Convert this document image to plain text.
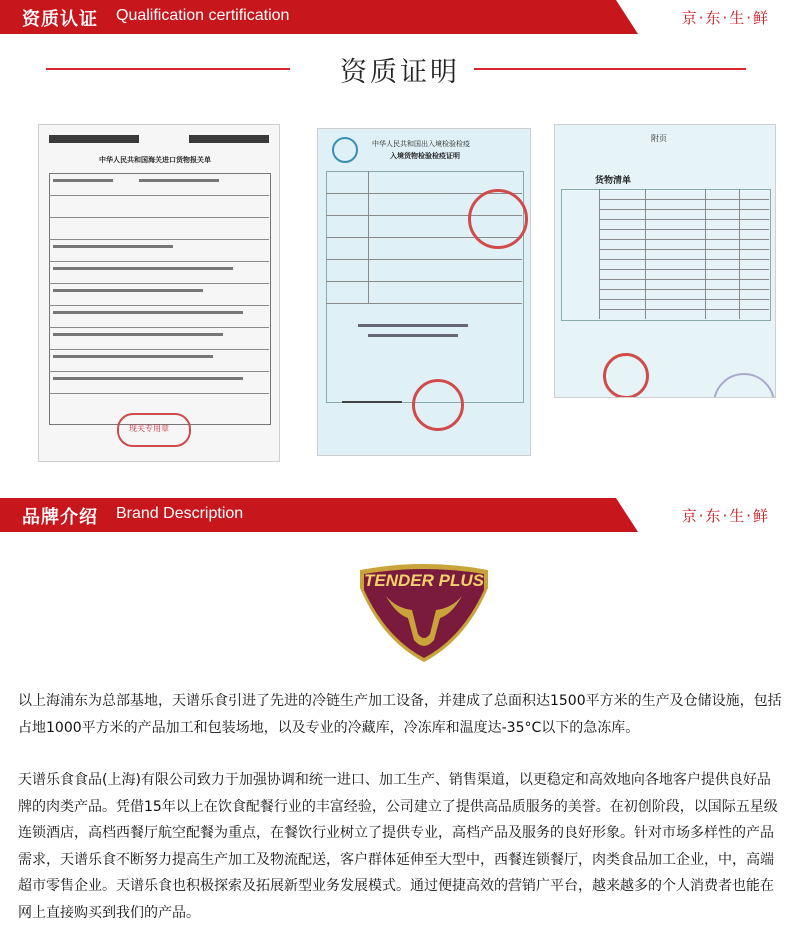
资质认证 Qualification certification	京·东·生·鲜
资质证明
中华人民共和国海关进口货物报关单
现关专用章
中华人民共和国出入境检验检疫
入境货物检验检疫证明
附页
货物清单
品牌介绍 Brand Description	京·东·生·鲜
TENDER PLUS
以上海浦东为总部基地，天谱乐食引进了先进的冷链生产加工设备，并建成了总面积达1500平方米的生产及仓储设施，包括占地1000平方米的产品加工和包装场地，以及专业的冷藏库，冷冻库和温度达-35°C以下的急冻库。
天谱乐食食品(上海)有限公司致力于加强协调和统一进口、加工生产、销售渠道，以更稳定和高效地向各地客户提供良好品牌的肉类产品。凭借15年以上在饮食配餐行业的丰富经验，公司建立了提供高品质服务的美誉。在初创阶段，以国际五星级连锁酒店，高档西餐厅航空配餐为重点，在餐饮行业树立了提供专业，高档产品及服务的良好形象。针对市场多样性的产品需求，天谱乐食不断努力提高生产加工及物流配送，客户群体延伸至大型中，西餐连锁餐厅，肉类食品加工企业，中，高端超市零售企业。天谱乐食也积极探索及拓展新型业务发展模式。通过便捷高效的营销广平台，越来越多的个人消费者也能在网上直接购买到我们的产品。
